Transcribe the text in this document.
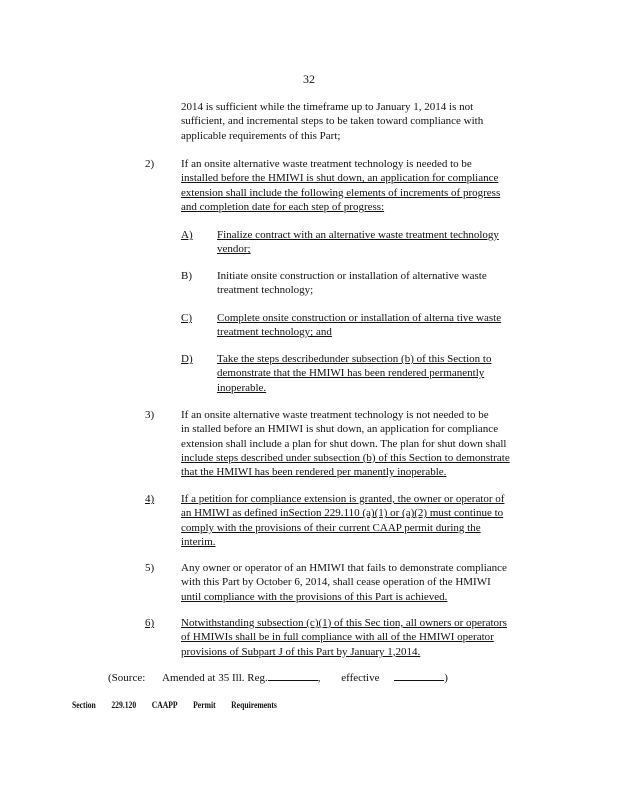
32
2014 is sufficient while the timeframe up to January 1, 2014 is not
sufficient, and incremental steps to be taken toward compliance with
applicable requirements of this Part;
2) If an onsite alternative waste treatment technology is needed to be
installed before the HMIWI is shut down, an application for compliance
extension shall include the following elements of increments of progress
and completion date for each step of progress:
A) Finalize contract with an alternative waste treatment technology
vendor;
B) Initiate onsite construction or installation of alternative waste
treatment technology;
C) Complete onsite construction or installation of alterna tive waste
treatment technology; and
D) Take the steps describedunder subsection (b) of this Section to
demonstrate that the HMIWI has been rendered permanently
inoperable.
3) If an onsite alternative waste treatment technology is not needed to be
in stalled before an HMIWI is shut down, an application for compliance
extension shall include a plan for shut down. The plan for shut down shall
include steps described under subsection (b) of this Section to demonstrate
that the HMIWI has been rendered per manently inoperable.
4) If a petition for compliance extension is granted, the owner or operator of
an HMIWI as defined inSection 229.110 (a)(1) or (a)(2) must continue to
comply with the provisions of their current CAAP permit during the
interim.
5) Any owner or operator of an HMIWI that fails to demonstrate compliance
with this Part by October 6, 2014, shall cease operation of the HMIWI
until compliance with the provisions of this Part is achieved.
6) Notwithstanding subsection (c)(1) of this Sec tion, all owners or operators
of HMIWIs shall be in full compliance with all of the HMIWI operator
provisions of Subpart J of this Part by January 1,2014.
(Source: Amended at 35 Ill. Reg.	, effective	)
Section 229.120 CAAPP Permit Requirements
